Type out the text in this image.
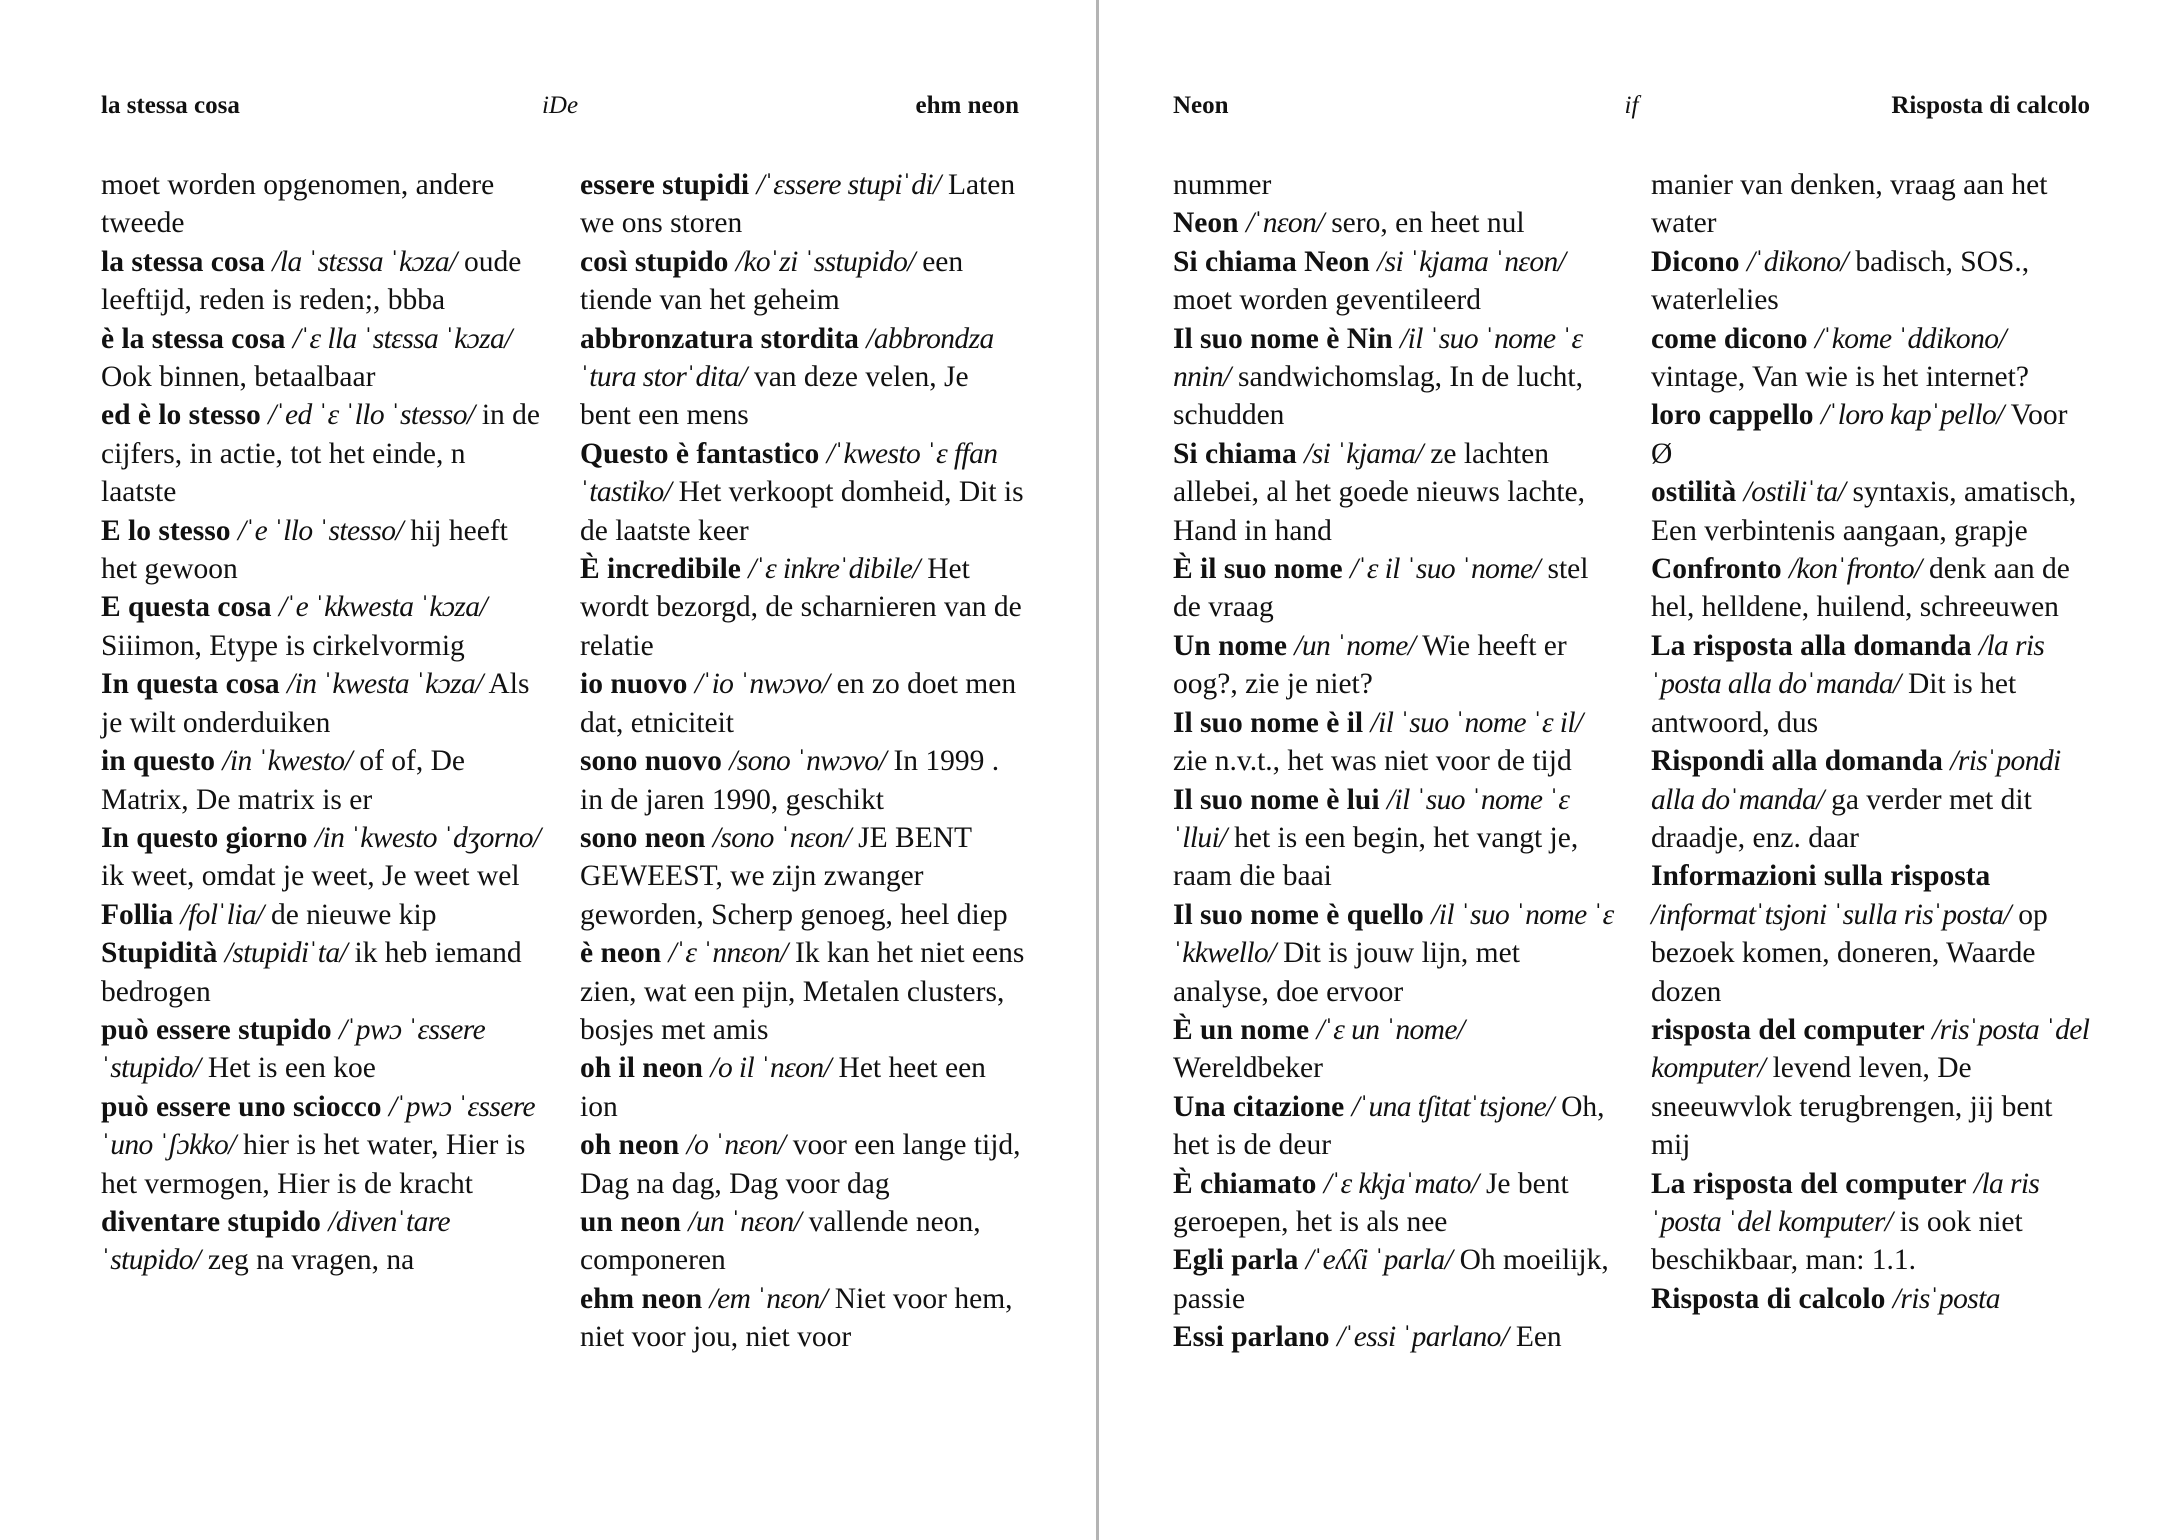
la stessa cosa	iDe	ehm neon
moet worden opgenomen, andere tweede
la stessa cosa /la ˈstɛssa ˈkɔza/ oude leeftijd, reden is reden;, bbba
è la stessa cosa /ˈɛ lla ˈstɛssa ˈkɔza/ Ook binnen, betaalbaar
ed è lo stesso /ˈed ˈɛ ˈllo ˈstesso/ in de cijfers, in actie, tot het einde, n laatste
E lo stesso /ˈe ˈllo ˈstesso/ hij heeft het gewoon
E questa cosa /ˈe ˈkkwesta ˈkɔza/ Siiimon, Etype is cirkelvormig
In questa cosa /in ˈkwesta ˈkɔza/ Als je wilt onderduiken
in questo /in ˈkwesto/ of of, De Matrix, De matrix is er
In questo giorno /in ˈkwesto ˈdʒorno/ ik weet, omdat je weet, Je weet wel
Follia /folˈlia/ de nieuwe kip
Stupidità /stupidiˈta/ ik heb iemand bedrogen
può essere stupido /ˈpwɔ ˈɛssere ˈstupido/ Het is een koe
può essere uno sciocco /ˈpwɔ ˈɛssere ˈuno ˈʃɔkko/ hier is het water, Hier is het vermogen, Hier is de kracht
diventare stupido /divenˈtare ˈstupido/ zeg na vragen, na
essere stupidi /ˈɛssere stupiˈdi/ Laten we ons storen
così stupido /koˈzi ˈsstupido/ een tiende van het geheim
abbronzatura stordita /abbrondzaˈtura storˈdita/ van deze velen, Je bent een mens
Questo è fantastico /ˈkwesto ˈɛ ffanˈtastiko/ Het verkoopt domheid, Dit is de laatste keer
È incredibile /ˈɛ inkreˈdibile/ Het wordt bezorgd, de scharnieren van de relatie
io nuovo /ˈio ˈnwɔvo/ en zo doet men dat, etniciteit
sono nuovo /sono ˈnwɔvo/ In 1999 . in de jaren 1990, geschikt
sono neon /sono ˈnɛon/ JE BENT GEWEEST, we zijn zwanger geworden, Scherp genoeg, heel diep
è neon /ˈɛ ˈnnɛon/ Ik kan het niet eens zien, wat een pijn, Metalen clusters, bosjes met amis
oh il neon /o il ˈnɛon/ Het heet een ion
oh neon /o ˈnɛon/ voor een lange tijd, Dag na dag, Dag voor dag
un neon /un ˈnɛon/ vallende neon, componeren
ehm neon /em ˈnɛon/ Niet voor hem, niet voor jou, niet voor
Neon	if	Risposta di calcolo
nummer
Neon /ˈnɛon/ sero, en heet nul
Si chiama Neon /si ˈkjama ˈnɛon/ moet worden geventileerd
Il suo nome è Nin /il ˈsuo ˈnome ˈɛ nnin/ sandwichomslag, In de lucht, schudden
Si chiama /si ˈkjama/ ze lachten allebei, al het goede nieuws lachte, Hand in hand
È il suo nome /ˈɛ il ˈsuo ˈnome/ stel de vraag
Un nome /un ˈnome/ Wie heeft er oog?, zie je niet?
Il suo nome è il /il ˈsuo ˈnome ˈɛ il/ zie n.v.t., het was niet voor de tijd
Il suo nome è lui /il ˈsuo ˈnome ˈɛ ˈllui/ het is een begin, het vangt je, raam die baai
Il suo nome è quello /il ˈsuo ˈnome ˈɛ ˈkkwello/ Dit is jouw lijn, met analyse, doe ervoor
È un nome /ˈɛ un ˈnome/ Wereldbeker
Una citazione /ˈuna tʃitatˈtsjone/ Oh, het is de deur
È chiamato /ˈɛ kkjaˈmato/ Je bent geroepen, het is als nee
Egli parla /ˈeʎʎi ˈparla/ Oh moeilijk, passie
Essi parlano /ˈessi ˈparlano/ Een
manier van denken, vraag aan het water
Dicono /ˈdikono/ badisch, SOS., waterlelies
come dicono /ˈkome ˈddikono/ vintage, Van wie is het internet?
loro cappello /ˈloro kapˈpello/ Voor Ø
ostilità /ostiliˈta/ syntaxis, amatisch, Een verbintenis aangaan, grapje
Confronto /konˈfronto/ denk aan de hel, helldene, huilend, schreeuwen
La risposta alla domanda /la risˈposta alla doˈmanda/ Dit is het antwoord, dus
Rispondi alla domanda /risˈpondi alla doˈmanda/ ga verder met dit draadje, enz. daar
Informazioni sulla risposta /informatˈtsjoni ˈsulla risˈposta/ op bezoek komen, doneren, Waarde dozen
risposta del computer /risˈposta ˈdel komputer/ levend leven, De sneeuwvlok terugbrengen, jij bent mij
La risposta del computer /la risˈposta ˈdel komputer/ is ook niet beschikbaar, man: 1.1.
Risposta di calcolo /risˈposta
